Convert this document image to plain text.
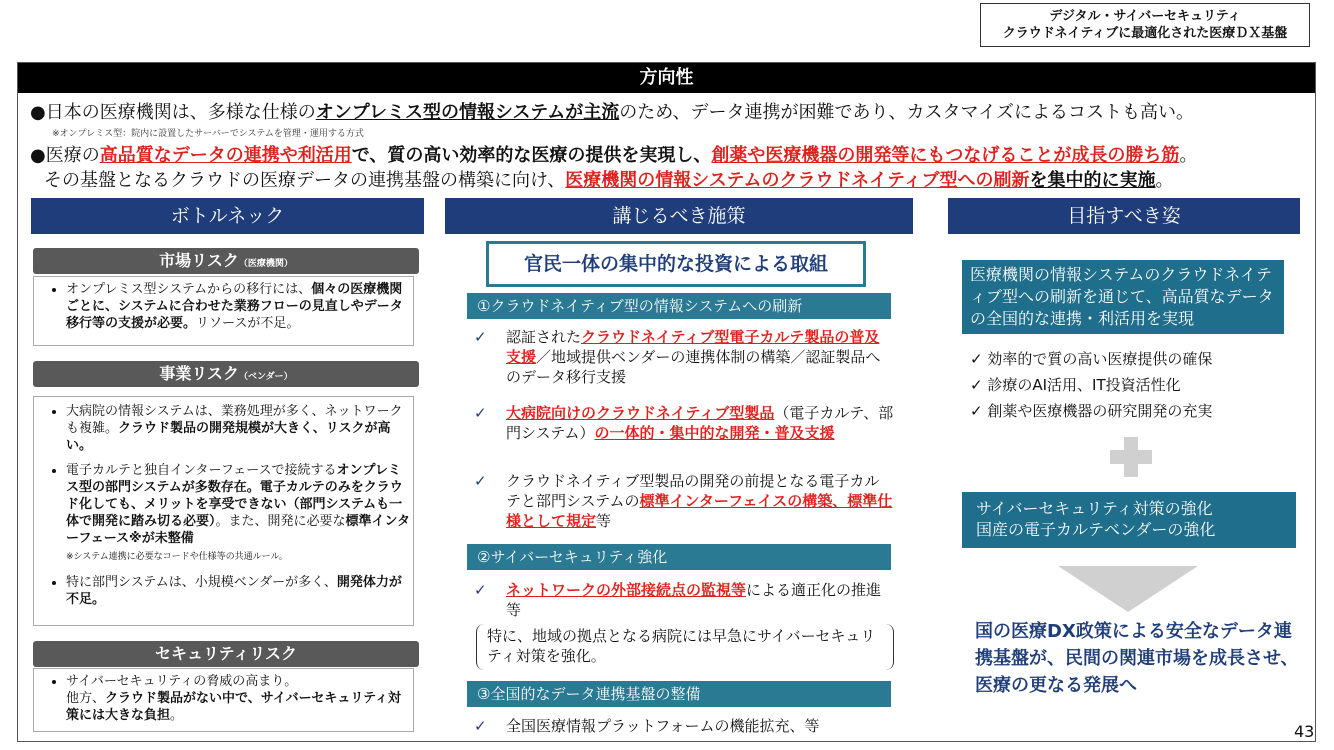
デジタル・サイバーセキュリティ
クラウドネイティブに最適化された医療ＤＸ基盤
方向性
●日本の医療機関は、多様な仕様のオンプレミス型の情報システムが主流のため、データ連携が困難であり、カスタマイズによるコストも高い。
※オンプレミス型：院内に設置したサーバーでシステムを管理・運用する方式
●医療の高品質なデータの連携や利活用で、質の高い効率的な医療の提供を実現し、創薬や医療機器の開発等にもつなげることが成長の勝ち筋。
その基盤となるクラウドの医療データの連携基盤の構築に向け、医療機関の情報システムのクラウドネイティブ型への刷新を集中的に実施。
ボトルネック	講じるべき施策	目指すべき姿
市場リスク（医療機関）
• オンプレミス型システムからの移行には、個々の医療機関ごとに、システムに合わせた業務フローの見直しやデータ移行等の支援が必要。リソースが不足。
事業リスク（ベンダー）
• 大病院の情報システムは、業務処理が多く、ネットワークも複雑。クラウド製品の開発規模が大きく、リスクが高い。
• 電子カルテと独自インターフェースで接続するオンプレミス型の部門システムが多数存在。電子カルテのみをクラウド化しても、メリットを享受できない（部門システムも一体で開発に踏み切る必要）。また、開発に必要な標準インターフェース※が未整備
※システム連携に必要なコードや仕様等の共通ルール。
• 特に部門システムは、小規模ベンダーが多く、開発体力が不足。
セキュリティリスク
• サイバーセキュリティの脅威の高まり。
他方、クラウド製品がない中で、サイバーセキュリティ対策には大きな負担。
官民一体の集中的な投資による取組
①クラウドネイティブ型の情報システムへの刷新
✓ 認証されたクラウドネイティブ型電子カルテ製品の普及支援／地域提供ベンダーの連携体制の構築／認証製品へのデータ移行支援
✓ 大病院向けのクラウドネイティブ型製品（電子カルテ、部門システム）の一体的・集中的な開発・普及支援
✓ クラウドネイティブ型製品の開発の前提となる電子カルテと部門システムの標準インターフェイスの構築、標準仕様として規定等
②サイバーセキュリティ強化
✓ ネットワークの外部接続点の監視等による適正化の推進　等
特に、地域の拠点となる病院には早急にサイバーセキュリティ対策を強化。
③全国的なデータ連携基盤の整備
✓ 全国医療情報プラットフォームの機能拡充、等
医療機関の情報システムのクラウドネイティブ型への刷新を通じて、高品質なデータの全国的な連携・利活用を実現
✓ 効率的で質の高い医療提供の確保
✓ 診療のAI活用、IT投資活性化
✓ 創薬や医療機器の研究開発の充実
サイバーセキュリティ対策の強化
国産の電子カルテベンダーの強化
国の医療DX政策による安全なデータ連携基盤が、民間の関連市場を成長させ、医療の更なる発展へ
43
